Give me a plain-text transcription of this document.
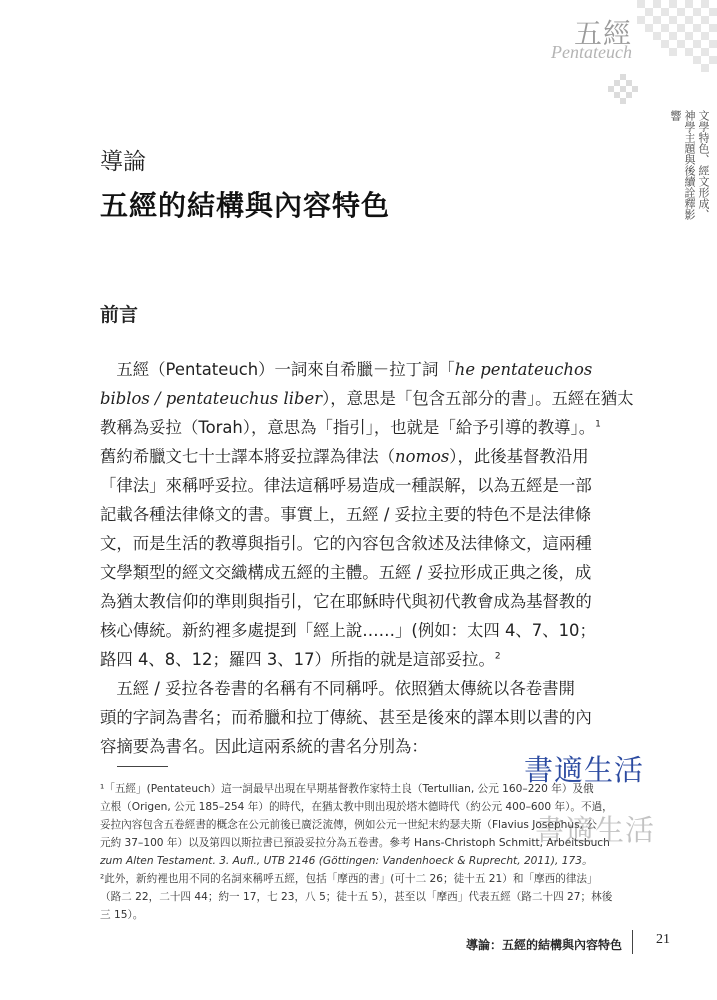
五經
Pentateuch
文學特色、經文形成、神學主題與後續詮釋影響
導論
五經的結構與內容特色
前言
　五經（Pentateuch）一詞來自希臘－拉丁詞「he pentateuchos
biblos / pentateuchus liber），意思是「包含五部分的書」。五經在猶太
教稱為妥拉（Torah），意思為「指引」，也就是「給予引導的教導」。$^1$
舊約希臘文七十士譯本將妥拉譯為律法（nomos），此後基督教沿用
「律法」來稱呼妥拉。律法這稱呼易造成一種誤解，以為五經是一部
記載各種法律條文的書。事實上，五經 / 妥拉主要的特色不是法律條
文，而是生活的教導與指引。它的內容包含敘述及法律條文，這兩種
文學類型的經文交織構成五經的主體。五經 / 妥拉形成正典之後，成
為猶太教信仰的準則與指引，它在耶穌時代與初代教會成為基督教的
核心傳統。新約裡多處提到「經上說……」(例如：太四 4、7、10；
路四 4、8、12；羅四 3、17）所指的就是這部妥拉。$^2$
　五經 / 妥拉各卷書的名稱有不同稱呼。依照猶太傳統以各卷書開
頭的字詞為書名；而希臘和拉丁傳統、甚至是後來的譯本則以書的內
容摘要為書名。因此這兩系統的書名分別為：
¹「五經」(Pentateuch）這一詞最早出現在早期基督教作家特土良（Tertullian, 公元 160–220 年）及俄
立根（Origen, 公元 185–254 年）的時代，在猶太教中則出現於塔木德時代（約公元 400–600 年）。不過，
妥拉內容包含五卷經書的概念在公元前後已廣泛流傳，例如公元一世紀末約瑟夫斯（Flavius Josephus, 公
元約 37–100 年）以及第四以斯拉書已預設妥拉分為五卷書。參考 Hans-Christoph Schmitt, Arbeitsbuch
zum Alten Testament. 3. Aufl., UTB 2146 (Göttingen: Vandenhoeck & Ruprecht, 2011), 173。
²此外，新約裡也用不同的名詞來稱呼五經，包括「摩西的書」(可十二 26；徒十五 21）和「摩西的律法」
（路二 22，二十四 44；約一 17，七 23，八 5；徒十五 5），甚至以「摩西」代表五經（路二十四 27；林後
三 15）。
書適生活
書適生活
導論：五經的結構與內容特色 21
